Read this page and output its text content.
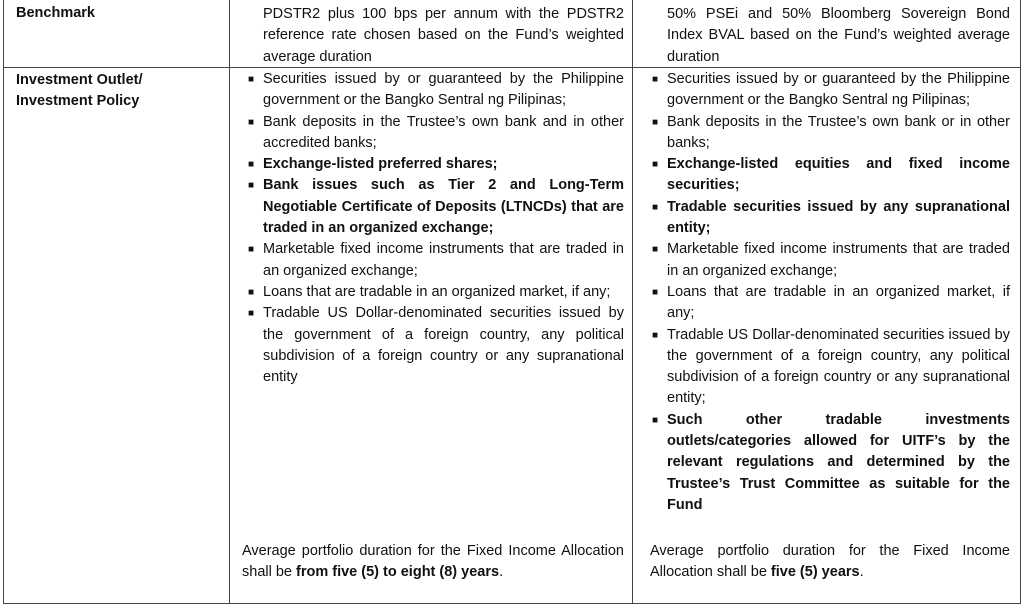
Benchmark	PDSTR2 plus 100 bps per annum with the PDSTR2 reference rate chosen based on the Fund’s weighted average duration
50% PSEi and 50% Bloomberg Sovereign Bond Index BVAL based on the Fund’s weighted average duration
Investment Outlet/
Investment Policy
■ Securities issued by or guaranteed by the Philippine government or the Bangko Sentral ng Pilipinas;
■ Bank deposits in the Trustee’s own bank and in other accredited banks;
■ Exchange-listed preferred shares;
■ Bank issues such as Tier 2 and Long-Term Negotiable Certificate of Deposits (LTNCDs) that are traded in an organized exchange;
■ Marketable fixed income instruments that are traded in an organized exchange;
■ Loans that are tradable in an organized market, if any;
■ Tradable US Dollar-denominated securities issued by the government of a foreign country, any political subdivision of a foreign country or any supranational entity
■ Securities issued by or guaranteed by the Philippine government or the Bangko Sentral ng Pilipinas;
■ Bank deposits in the Trustee’s own bank or in other banks;
■ Exchange-listed equities and fixed income securities;
■ Tradable securities issued by any supranational entity;
■ Marketable fixed income instruments that are traded in an organized exchange;
■ Loans that are tradable in an organized market, if any;
■ Tradable US Dollar-denominated securities issued by the government of a foreign country, any political subdivision of a foreign country or any supranational entity;
■ Such other tradable investments outlets/categories allowed for UITF’s by the relevant regulations and determined by the Trustee’s Trust Committee as suitable for the Fund
Average portfolio duration for the Fixed Income Allocation shall be from five (5) to eight (8) years.
Average portfolio duration for the Fixed Income Allocation shall be five (5) years.
